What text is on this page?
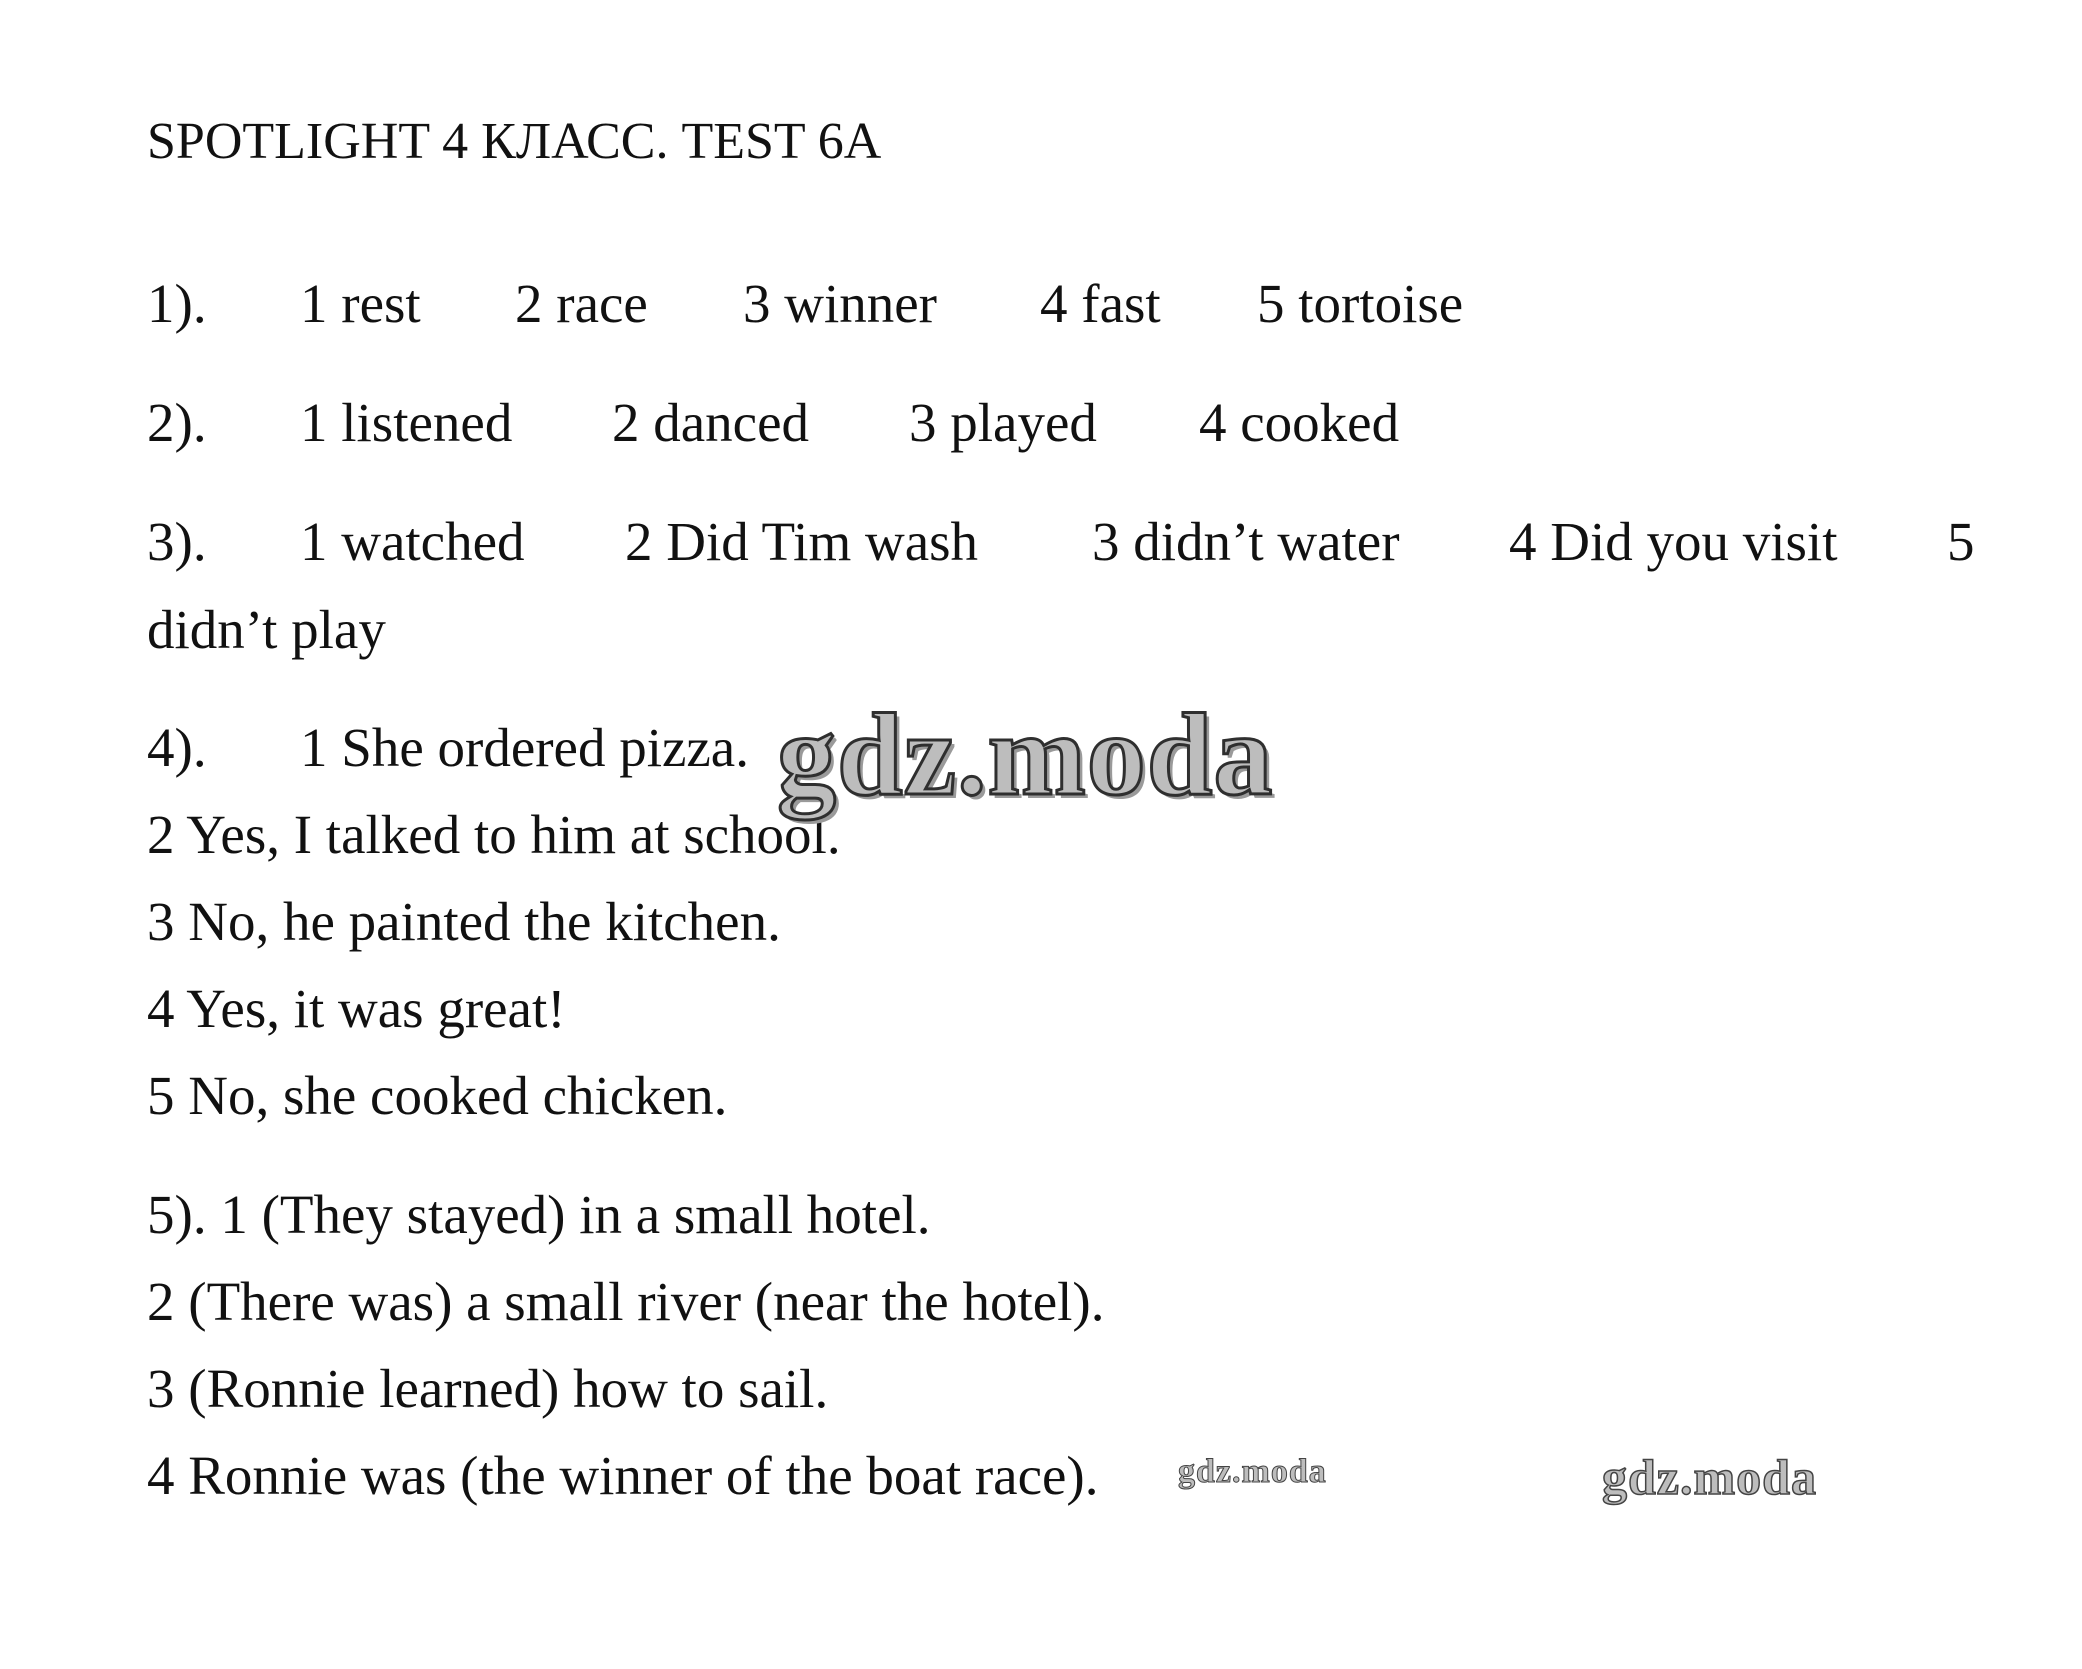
SPOTLIGHT 4 КЛАСС. TEST 6A
1). 1 rest 2 race 3 winner 4 fast 5 tortoise
2). 1 listened 2 danced 3 played 4 cooked
3). 1 watched 2 Did Tim wash 3 didn’t water 4 Did you visit 5
didn’t play
4). 1 She ordered pizza.
2 Yes, I talked to him at school.
3 No, he painted the kitchen.
4 Yes, it was great!
5 No, she cooked chicken.
5). 1 (They stayed) in a small hotel.
2 (There was) a small river (near the hotel).
3 (Ronnie learned) how to sail.
4 Ronnie was (the winner of the boat race).
gdz.moda
gdz.moda	gdz.moda
